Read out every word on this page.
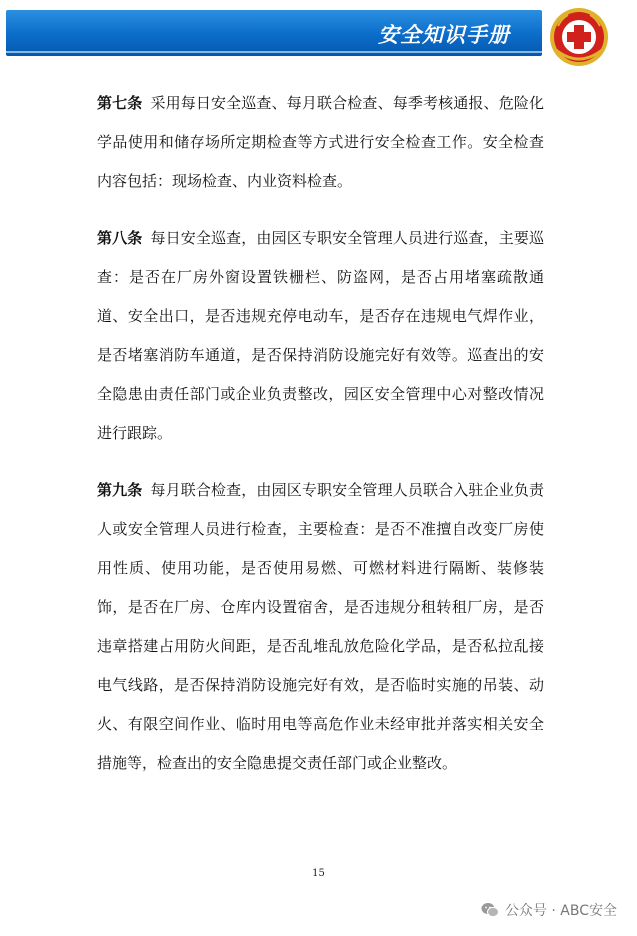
安全知识手册

第七条 采用每日安全巡查、每月联合检查、每季考核通报、危险化学品使用和储存场所定期检查等方式进行安全检查工作。安全检查内容包括：现场检查、内业资料检查。

第八条 每日安全巡查，由园区专职安全管理人员进行巡查，主要巡查：是否在厂房外窗设置铁栅栏、防盗网，是否占用堵塞疏散通道、安全出口，是否违规充停电动车，是否存在违规电气焊作业，是否堵塞消防车通道，是否保持消防设施完好有效等。巡查出的安全隐患由责任部门或企业负责整改，园区安全管理中心对整改情况进行跟踪。

第九条 每月联合检查，由园区专职安全管理人员联合入驻企业负责人或安全管理人员进行检查，主要检查：是否不准擅自改变厂房使用性质、使用功能，是否使用易燃、可燃材料进行隔断、装修装饰，是否在厂房、仓库内设置宿舍，是否违规分租转租厂房，是否违章搭建占用防火间距，是否乱堆乱放危险化学品，是否私拉乱接电气线路，是否保持消防设施完好有效，是否临时实施的吊装、动火、有限空间作业、临时用电等高危作业未经审批并落实相关安全措施等，检查出的安全隐患提交责任部门或企业整改。

15
公众号 · ABC安全
